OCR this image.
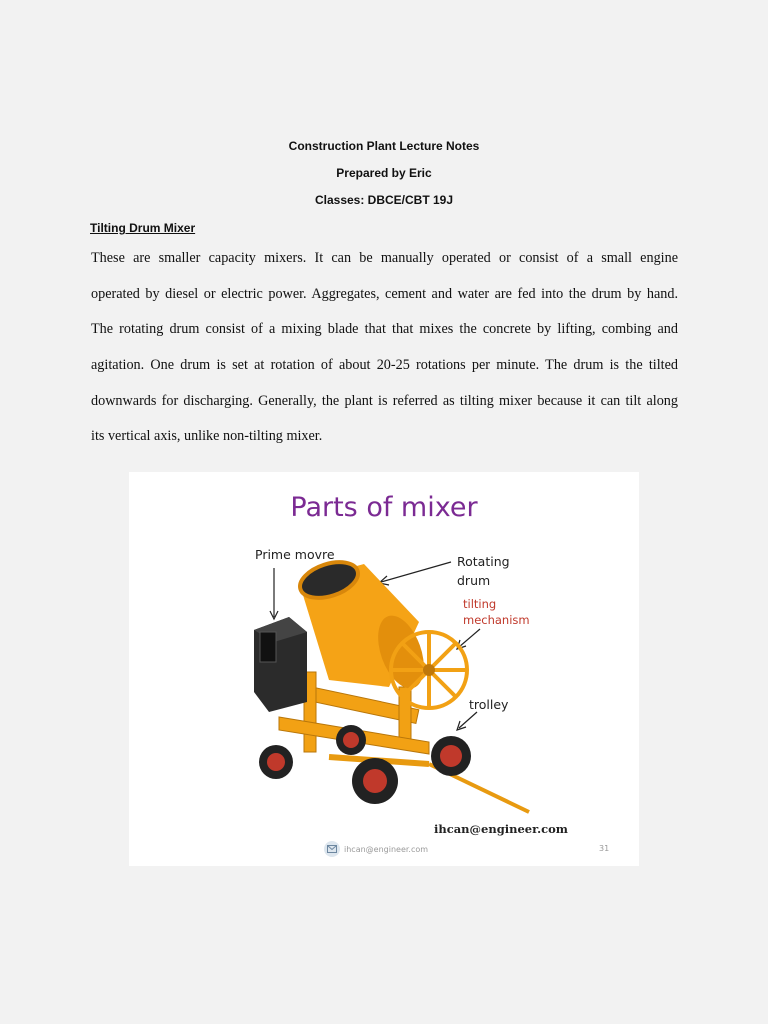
Construction Plant Lecture Notes
Prepared by Eric
Classes: DBCE/CBT 19J
Tilting Drum Mixer
These are smaller capacity mixers. It can be manually operated or consist of a small engine
operated by diesel or electric power. Aggregates, cement and water are fed into the drum by hand.
The rotating drum consist of a mixing blade that that mixes the concrete by lifting, combing and
agitation. One drum is set at rotation of about 20-25 rotations per minute. The drum is the tilted
downwards for discharging. Generally, the plant is referred as tilting mixer because it can tilt along
its vertical axis, unlike non-tilting mixer.
Parts of mixer
Prime movre	Rotating
drum
tilting
mechanism
trolley
ihcan@engineer.com
ihcan@engineer.com	31
